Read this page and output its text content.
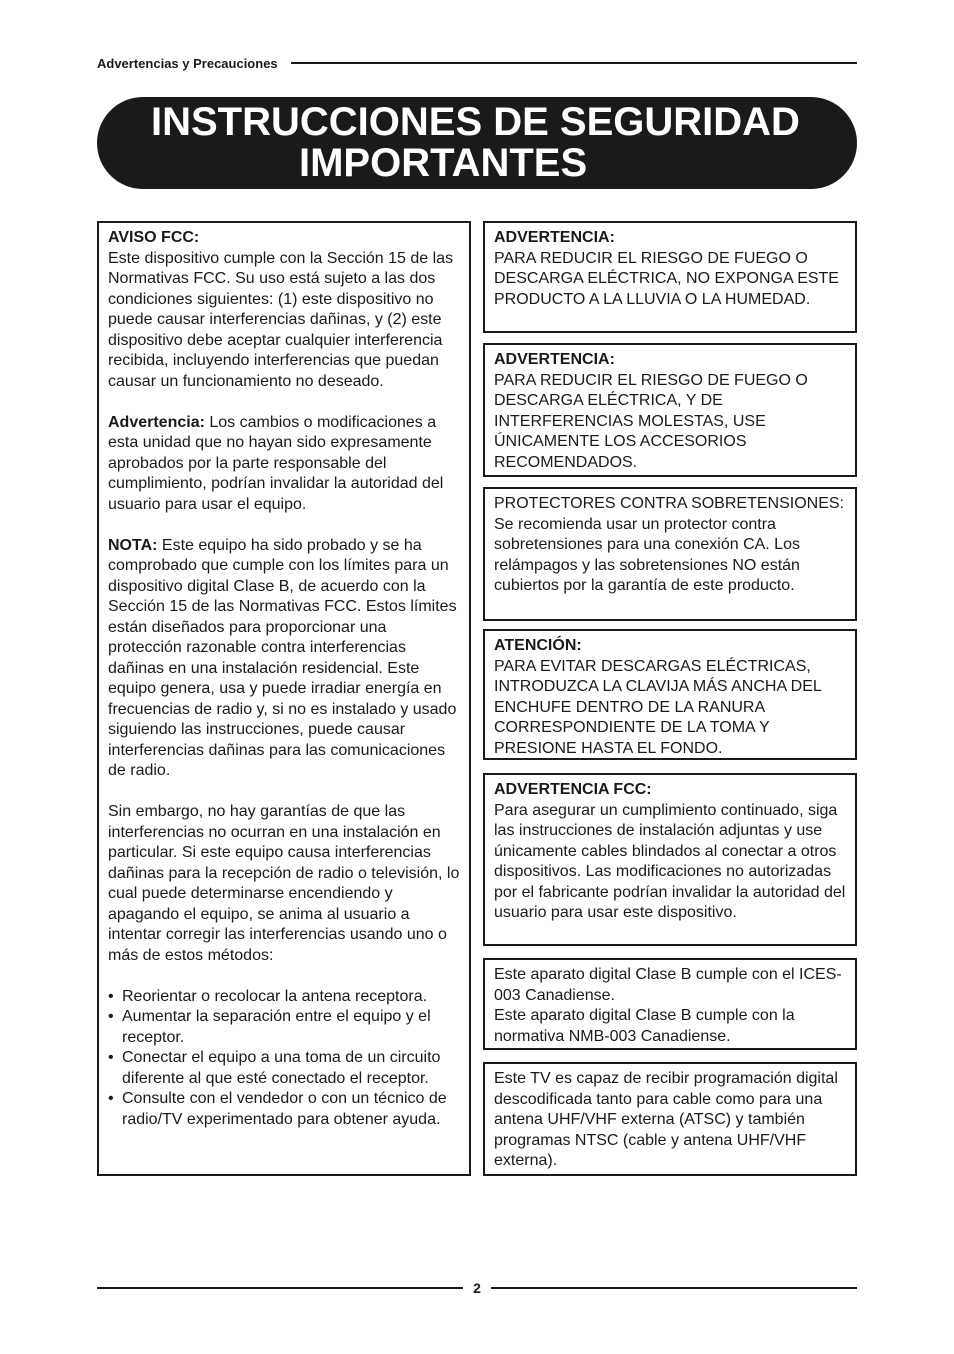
Advertencias y Precauciones
INSTRUCCIONES DE SEGURIDAD
IMPORTANTES

AVISO FCC:

Este dispositivo cumple con la Sección 15 de las Normativas FCC. Su uso está sujeto a las dos condiciones siguientes: (1) este dispositivo no puede causar interferencias dañinas, y (2) este dispositivo debe aceptar cualquier interferencia recibida, incluyendo interferencias que puedan causar un funcionamiento no deseado.

Advertencia: Los cambios o modificaciones a esta unidad que no hayan sido expresamente aprobados por la parte responsable del cumplimiento, podrían invalidar la autoridad del usuario para usar el equipo.

NOTA: Este equipo ha sido probado y se ha comprobado que cumple con los límites para un dispositivo digital Clase B, de acuerdo con la Sección 15 de las Normativas FCC. Estos límites están diseñados para proporcionar una protección razonable contra interferencias dañinas en una instalación residencial. Este equipo genera, usa y puede irradiar energía en frecuencias de radio y, si no es instalado y usado siguiendo las instrucciones, puede causar interferencias dañinas para las comunicaciones de radio.

Sin embargo, no hay garantías de que las interferencias no ocurran en una instalación en particular. Si este equipo causa interferencias dañinas para la recepción de radio o televisión, lo cual puede determinarse encendiendo y apagando el equipo, se anima al usuario a intentar corregir las interferencias usando uno o más de estos métodos:

• Reorientar o recolocar la antena receptora.
• Aumentar la separación entre el equipo y el receptor.
• Conectar el equipo a una toma de un circuito diferente al que esté conectado el receptor.
• Consulte con el vendedor o con un técnico de radio/TV experimentado para obtener ayuda.

ADVERTENCIA:

PARA REDUCIR EL RIESGO DE FUEGO O DESCARGA ELÉCTRICA, NO EXPONGA ESTE PRODUCTO A LA LLUVIA O LA HUMEDAD.

ADVERTENCIA:

PARA REDUCIR EL RIESGO DE FUEGO O DESCARGA ELÉCTRICA, Y DE INTERFERENCIAS MOLESTAS, USE ÚNICAMENTE LOS ACCESORIOS RECOMENDADOS.

PROTECTORES CONTRA SOBRETENSIONES:

Se recomienda usar un protector contra sobretensiones para una conexión CA. Los relámpagos y las sobretensiones NO están cubiertos por la garantía de este producto.

ATENCIÓN:

PARA EVITAR DESCARGAS ELÉCTRICAS, INTRODUZCA LA CLAVIJA MÁS ANCHA DEL ENCHUFE DENTRO DE LA RANURA CORRESPONDIENTE DE LA TOMA Y PRESIONE HASTA EL FONDO.

ADVERTENCIA FCC:

Para asegurar un cumplimiento continuado, siga las instrucciones de instalación adjuntas y use únicamente cables blindados al conectar a otros dispositivos. Las modificaciones no autorizadas por el fabricante podrían invalidar la autoridad del usuario para usar este dispositivo.

Este aparato digital Clase B cumple con el ICES-003 Canadiense.

Este aparato digital Clase B cumple con la normativa NMB-003 Canadiense.

Este TV es capaz de recibir programación digital descodificada tanto para cable como para una antena UHF/VHF externa (ATSC) y también programas NTSC (cable y antena UHF/VHF externa).

2
